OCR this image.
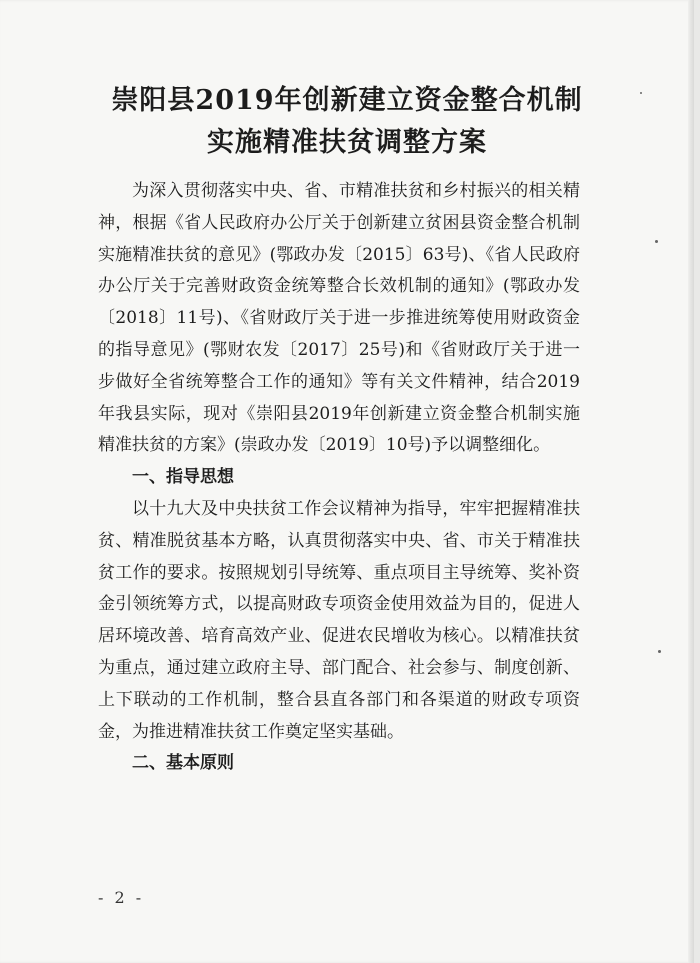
崇阳县2019年创新建立资金整合机制
实施精准扶贫调整方案

为深入贯彻落实中央、省、市精准扶贫和乡村振兴的相关精神，根据《省人民政府办公厅关于创新建立贫困县资金整合机制实施精准扶贫的意见》(鄂政办发〔2015〕63号)、《省人民政府办公厅关于完善财政资金统筹整合长效机制的通知》(鄂政办发〔2018〕11号)、《省财政厅关于进一步推进统筹使用财政资金的指导意见》(鄂财农发〔2017〕25号)和《省财政厅关于进一步做好全省统筹整合工作的通知》等有关文件精神，结合2019年我县实际，现对《崇阳县2019年创新建立资金整合机制实施精准扶贫的方案》(崇政办发〔2019〕10号)予以调整细化。

一、指导思想

以十九大及中央扶贫工作会议精神为指导，牢牢把握精准扶贫、精准脱贫基本方略，认真贯彻落实中央、省、市关于精准扶贫工作的要求。按照规划引导统筹、重点项目主导统筹、奖补资金引领统筹方式，以提高财政专项资金使用效益为目的，促进人居环境改善、培育高效产业、促进农民增收为核心。以精准扶贫为重点，通过建立政府主导、部门配合、社会参与、制度创新、上下联动的工作机制，整合县直各部门和各渠道的财政专项资金，为推进精准扶贫工作奠定坚实基础。

二、基本原则

- 2 -
